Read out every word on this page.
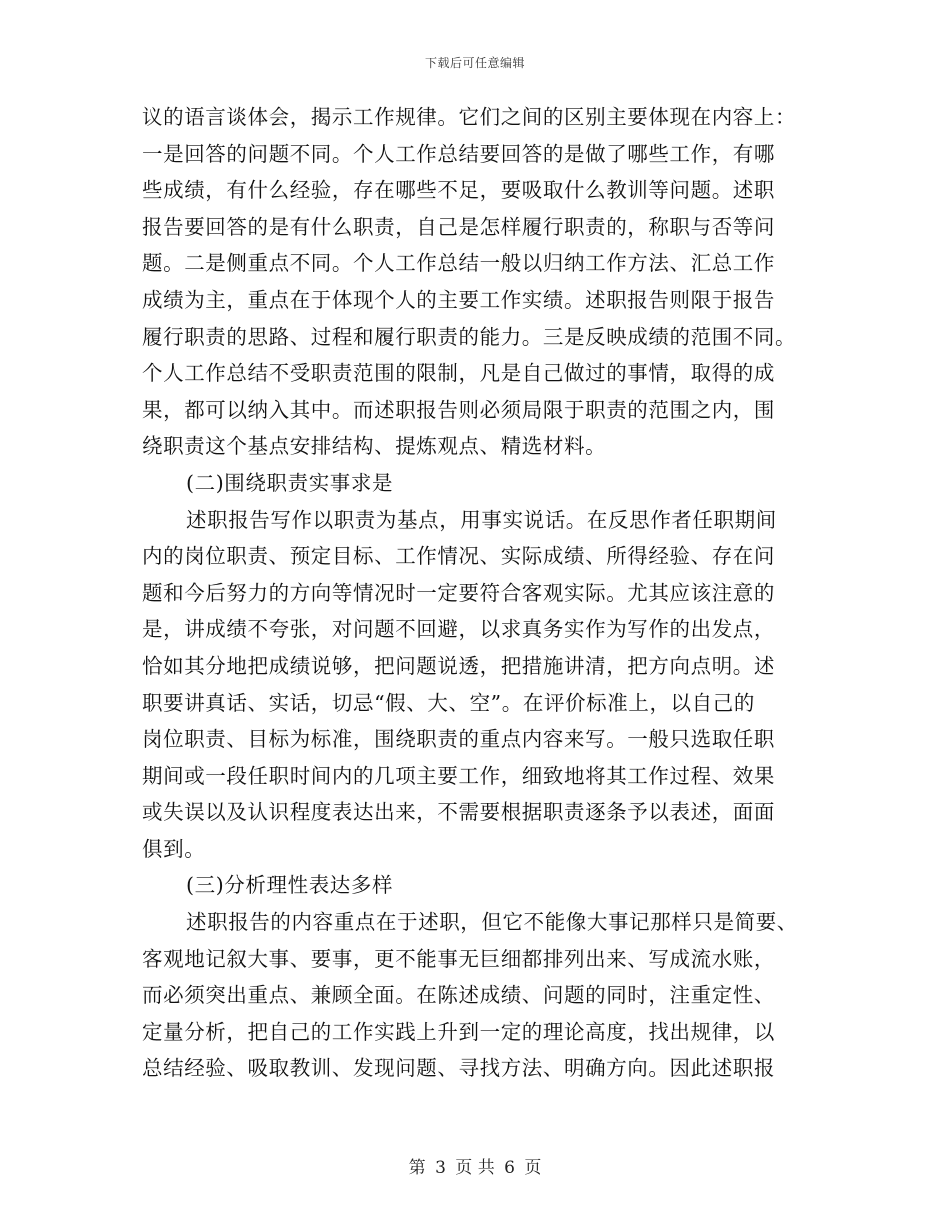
下载后可任意编辑
议的语言谈体会，揭示工作规律。它们之间的区别主要体现在内容上：
一是回答的问题不同。个人工作总结要回答的是做了哪些工作，有哪
些成绩，有什么经验，存在哪些不足，要吸取什么教训等问题。述职
报告要回答的是有什么职责，自己是怎样履行职责的，称职与否等问
题。二是侧重点不同。个人工作总结一般以归纳工作方法、汇总工作
成绩为主，重点在于体现个人的主要工作实绩。述职报告则限于报告
履行职责的思路、过程和履行职责的能力。三是反映成绩的范围不同。
个人工作总结不受职责范围的限制，凡是自己做过的事情，取得的成
果，都可以纳入其中。而述职报告则必须局限于职责的范围之内，围
绕职责这个基点安排结构、提炼观点、精选材料。
(二)围绕职责实事求是
述职报告写作以职责为基点，用事实说话。在反思作者任职期间
内的岗位职责、预定目标、工作情况、实际成绩、所得经验、存在问
题和今后努力的方向等情况时一定要符合客观实际。尤其应该注意的
是，讲成绩不夸张，对问题不回避，以求真务实作为写作的出发点，
恰如其分地把成绩说够，把问题说透，把措施讲清，把方向点明。述
职要讲真话、实话，切忌“假、大、空”。在评价标准上，以自己的
岗位职责、目标为标准，围绕职责的重点内容来写。一般只选取任职
期间或一段任职时间内的几项主要工作，细致地将其工作过程、效果
或失误以及认识程度表达出来，不需要根据职责逐条予以表述，面面
俱到。
(三)分析理性表达多样
述职报告的内容重点在于述职，但它不能像大事记那样只是简要、
客观地记叙大事、要事，更不能事无巨细都排列出来、写成流水账，
而必须突出重点、兼顾全面。在陈述成绩、问题的同时，注重定性、
定量分析，把自己的工作实践上升到一定的理论高度，找出规律，以
总结经验、吸取教训、发现问题、寻找方法、明确方向。因此述职报
第 3 页 共 6 页
